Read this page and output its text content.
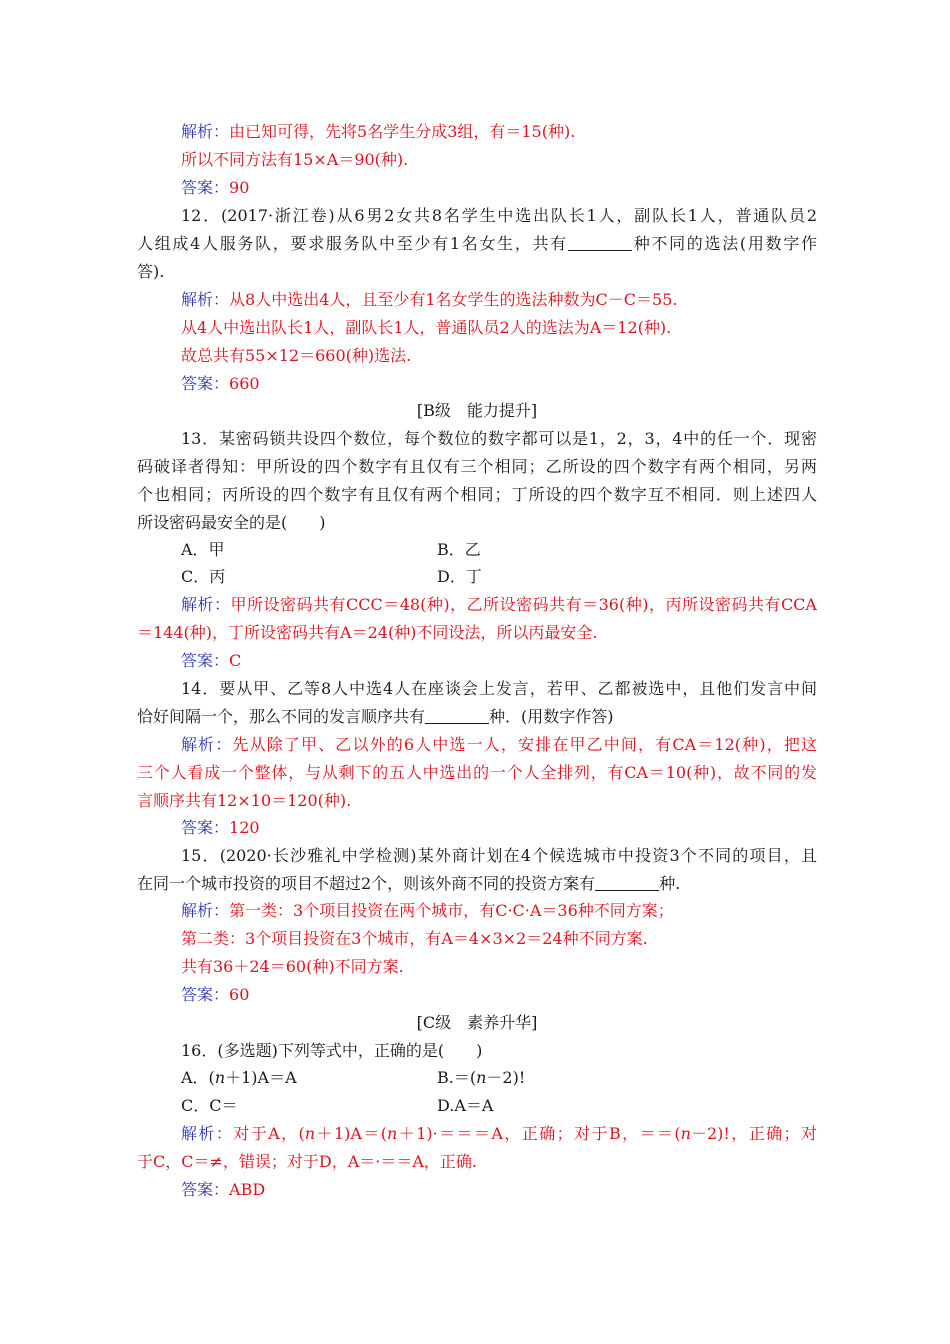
解析：由已知可得，先将5名学生分成3组，有＝15(种).
所以不同方法有15×A＝90(种).
答案：90
12．(2017·浙江卷)从6男2女共8名学生中选出队长1人，副队长1人，普通队员2
人组成4人服务队，要求服务队中至少有1名女生，共有	种不同的选法(用数字作
答).
解析：从8人中选出4人，且至少有1名女学生的选法种数为C－C＝55.
从4人中选出队长1人，副队长1人，普通队员2人的选法为A＝12(种).
故总共有55×12＝660(种)选法.
答案：660
[B级　能力提升]
13．某密码锁共设四个数位，每个数位的数字都可以是1，2，3，4中的任一个．现密
码破译者得知：甲所设的四个数字有且仅有三个相同；乙所设的四个数字有两个相同，另两
个也相同；丙所设的四个数字有且仅有两个相同；丁所设的四个数字互不相同．则上述四人
所设密码最安全的是(　　)
A．甲	B．乙
C．丙	D．丁
解析：甲所设密码共有CCC＝48(种)，乙所设密码共有＝36(种)，丙所设密码共有CCA
＝144(种)，丁所设密码共有A＝24(种)不同设法，所以丙最安全.
答案：C
14．要从甲、乙等8人中选4人在座谈会上发言，若甲、乙都被选中，且他们发言中间
恰好间隔一个，那么不同的发言顺序共有	种．(用数字作答)
解析：先从除了甲、乙以外的6人中选一人，安排在甲乙中间，有CA＝12(种)，把这
三个人看成一个整体，与从剩下的五人中选出的一个人全排列，有CA＝10(种)，故不同的发
言顺序共有12×10＝120(种).
答案：120
15．(2020·长沙雅礼中学检测)某外商计划在4个候选城市中投资3个不同的项目，且
在同一个城市投资的项目不超过2个，则该外商不同的投资方案有	种.
解析：第一类：3个项目投资在两个城市，有C·C·A＝36种不同方案；
第二类：3个项目投资在3个城市，有A＝4×3×2＝24种不同方案.
共有36＋24＝60(种)不同方案.
答案：60
[C级　素养升华]
16．(多选题)下列等式中，正确的是(　　)
A．(n＋1)A＝A	B.＝(n－2)!
C．C＝	D.A＝A
解析：对于A，(n＋1)A＝(n＋1)·＝＝＝A，正确；对于B，＝＝(n－2)!，正确；对
于C，C＝≠，错误；对于D，A＝·＝＝A，正确.
答案：ABD
